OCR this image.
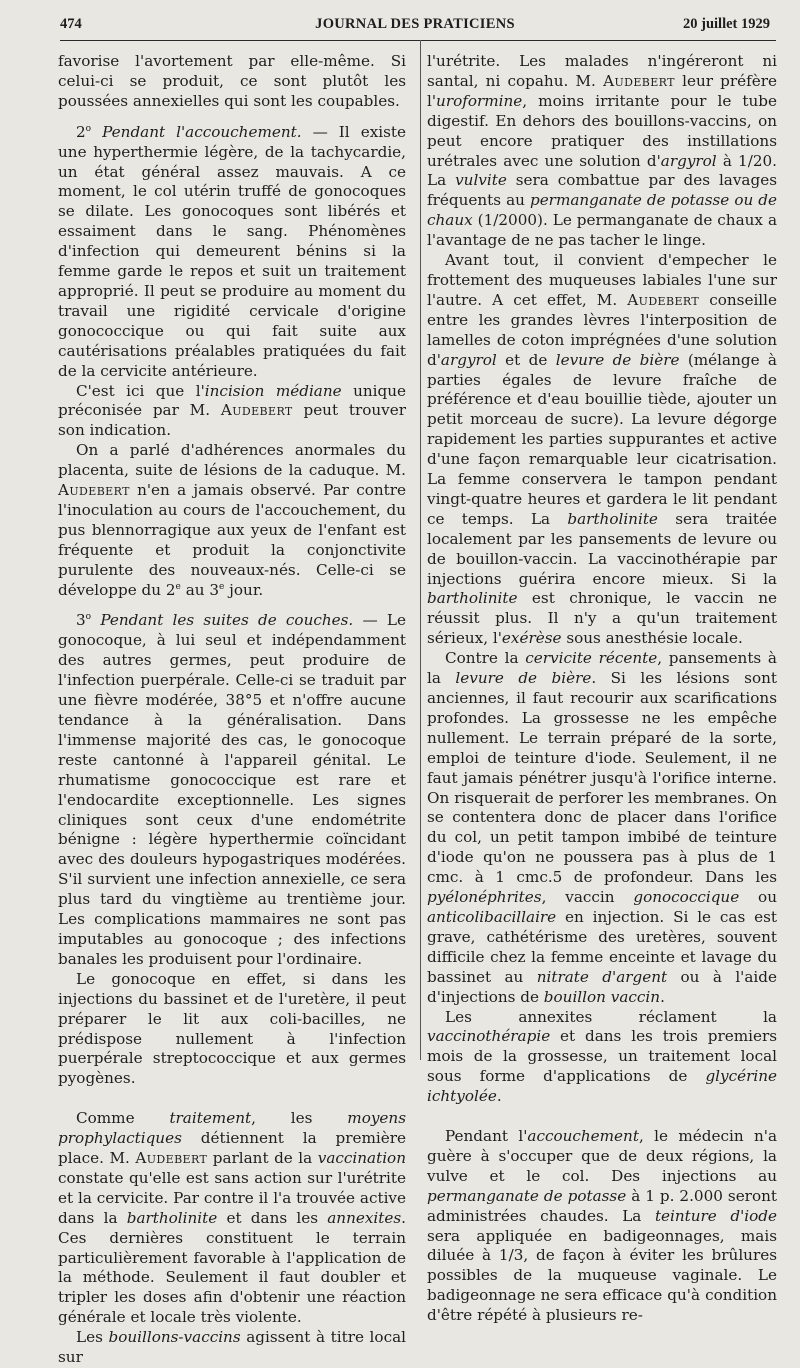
474	JOURNAL DES PRATICIENS	20 juillet 1929

favorise l'avortement par elle-même. Si celui-ci se produit, ce sont plutôt les poussées annexielles qui sont les coupables.

2$^o$ Pendant l'accouchement. — Il existe une hyperthermie légère, de la tachycardie, un état général assez mauvais. A ce moment, le col utérin truffé de gonocoques se dilate. Les gonocoques sont libérés et essaiment dans le sang. Phénomènes d'infection qui demeurent bénins si la femme garde le repos et suit un traitement approprié. Il peut se produire au moment du travail une rigidité cervicale d'origine gonococcique ou qui fait suite aux cautérisations préalables pratiquées du fait de la cervicite antérieure.

C'est ici que l'incision médiane unique préconisée par M. Audebert peut trouver son indication.

On a parlé d'adhérences anormales du placenta, suite de lésions de la caduque. M. Audebert n'en a jamais observé. Par contre l'inoculation au cours de l'accouchement, du pus blennorragique aux yeux de l'enfant est fréquente et produit la conjonctivite purulente des nouveaux-nés. Celle-ci se développe du 2e au 3e jour.

3$^o$ Pendant les suites de couches. — Le gonocoque, à lui seul et indépendamment des autres germes, peut produire de l'infection puerpérale. Celle-ci se traduit par une fièvre modérée, 38°5 et n'offre aucune tendance à la généralisation. Dans l'immense majorité des cas, le gonocoque reste cantonné à l'appareil génital. Le rhumatisme gonococcique est rare et l'endocardite exceptionnelle. Les signes cliniques sont ceux d'une endométrite bénigne : légère hyperthermie coïncidant avec des douleurs hypogastriques modérées. S'il survient une infection annexielle, ce sera plus tard du vingtième au trentième jour. Les complications mammaires ne sont pas imputables au gonocoque ; des infections banales les produisent pour l'ordinaire.

Le gonocoque en effet, si dans les injections du bassinet et de l'uretère, il peut préparer le lit aux coli-bacilles, ne prédispose nullement à l'infection puerpérale streptococcique et aux germes pyogènes.

Comme traitement, les moyens prophylactiques détiennent la première place. M. Audebert parlant de la vaccination constate qu'elle est sans action sur l'urétrite et la cervicite. Par contre il l'a trouvée active dans la bartholinite et dans les annexites. Ces dernières constituent le terrain particulièrement favorable à l'application de la méthode. Seulement il faut doubler et tripler les doses afin d'obtenir une réaction générale et locale très violente.

Les bouillons-vaccins agissent à titre local sur

l'urétrite. Les malades n'ingéreront ni santal, ni copahu. M. Audebert leur préfère l'uroformine, moins irritante pour le tube digestif. En dehors des bouillons-vaccins, on peut encore pratiquer des instillations urétrales avec une solution d'argyrol à 1/20. La vulvite sera combattue par des lavages fréquents au permanganate de potasse ou de chaux (1/2000). Le permanganate de chaux a l'avantage de ne pas tacher le linge.

Avant tout, il convient d'empecher le frottement des muqueuses labiales l'une sur l'autre. A cet effet, M. Audebert conseille entre les grandes lèvres l'interposition de lamelles de coton imprégnées d'une solution d'argyrol et de levure de bière (mélange à parties égales de levure fraîche de préférence et d'eau bouillie tiède, ajouter un petit morceau de sucre). La levure dégorge rapidement les parties suppurantes et active d'une façon remarquable leur cicatrisation. La femme conservera le tampon pendant vingt-quatre heures et gardera le lit pendant ce temps. La bartholinite sera traitée localement par les pansements de levure ou de bouillon-vaccin. La vaccinothérapie par injections guérira encore mieux. Si la bartholinite est chronique, le vaccin ne réussit plus. Il n'y a qu'un traitement sérieux, l'exérèse sous anesthésie locale.

Contre la cervicite récente, pansements à la levure de bière. Si les lésions sont anciennes, il faut recourir aux scarifications profondes. La grossesse ne les empêche nullement. Le terrain préparé de la sorte, emploi de teinture d'iode. Seulement, il ne faut jamais pénétrer jusqu'à l'orifice interne. On risquerait de perforer les membranes. On se contentera donc de placer dans l'orifice du col, un petit tampon imbibé de teinture d'iode qu'on ne poussera pas à plus de 1 cmc. à 1 cmc.5 de profondeur. Dans les pyélonéphrites, vaccin gonococcique ou anticolibacillaire en injection. Si le cas est grave, cathétérisme des uretères, souvent difficile chez la femme enceinte et lavage du bassinet au nitrate d'argent ou à l'aide d'injections de bouillon vaccin.

Les annexites réclament la vaccinothérapie et dans les trois premiers mois de la grossesse, un traitement local sous forme d'applications de glycérine ichtyolée.

Pendant l'accouchement, le médecin n'a guère à s'occuper que de deux régions, la vulve et le col. Des injections au permanganate de potasse à 1 p. 2.000 seront administrées chaudes. La teinture d'iode sera appliquée en badigeonnages, mais diluée à 1/3, de façon à éviter les brûlures possibles de la muqueuse vaginale. Le badigeonnage ne sera efficace qu'à condition d'être répété à plusieurs re-
